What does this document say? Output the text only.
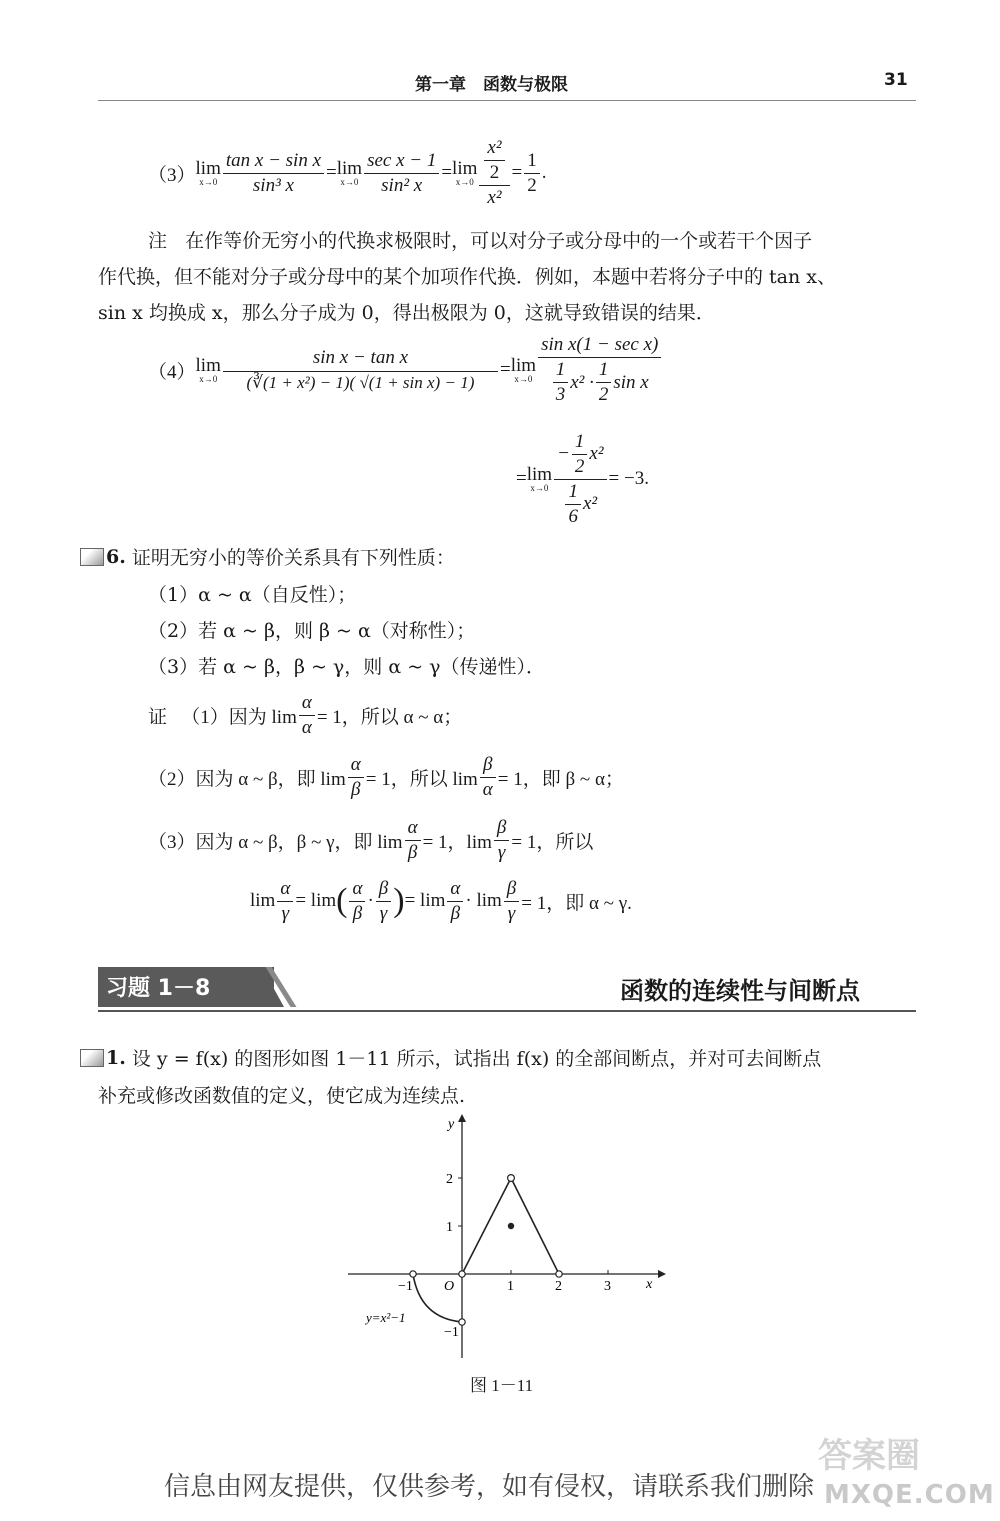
第一章　函数与极限	31
（3） lim
$x\to 0 \frac{\text{tan x − sin x}}{\text{sin³ x}} = \lim$
$x\to 0 \frac{\text{sec x − 1}}{\text{sin² x}} = \lim$
$x\to 0 \frac{\frac{\text{x²}}{2}}{\text{x²}} = \frac{1}{2}$ .
注 在作等价无穷小的代换求极限时，可以对分子或分母中的一个或若干个因子
作代换，但不能对分子或分母中的某个加项作代换．例如，本题中若将分子中的 tan x、
sin x 均换成 x，那么分子成为 0，得出极限为 0，这就导致错误的结果．
（4） lim
$x\to 0 \frac{\text{sin x − tan x}}{\text{(∛(1 + x²) − 1)( √(1 + sin x) − 1)}} = \lim$
$x\to 0 \frac{\text{sin x(1 − sec x)}}{\frac{1}{3} x^2 \cdot \frac{1}{2} \sin x}$
= lim
$x\to 0 \frac{- \frac{1}{2} x^2}{\frac{1}{6} x^2} = -3$.
6.
证明无穷小的等价关系具有下列性质：
（1）α ~ α（自反性）；
（2）若 α ~ β，则 β ~ α（对称性）；
（3）若 α ~ β，β ~ γ，则 α ~ γ（传递性）．
证
（1）因为 $\lim \frac{\alpha}{\alpha} = 1$，所以 α ~ α；
（2）因为 α ~ β，即 $\lim \frac{\alpha}{\beta} = 1$，所以 $\lim \frac{\beta}{\alpha} = 1$，即 β ~ α；
（3）因为 α ~ β，β ~ γ，即 $\lim \frac{\alpha}{\beta} = 1$，$\lim \frac{\beta}{\gamma} = 1$，所以
$\lim \frac{\alpha}{\gamma} = \lim$ ( $\frac{\alpha}{\beta} \cdot \frac{\beta}{\gamma}$ ) = $\lim \frac{\alpha}{\beta} \cdot \lim \frac{\beta}{\gamma} = 1$，即 α ~ γ.
习题 1－8	函数的连续性与间断点
1.
设 y = f(x) 的图形如图 1－11 所示，试指出 f(x) 的全部间断点，并对可去间断点
补充或修改函数值的定义，使它成为连续点.
y
x
O
−1	1	2	3
2
1
−1
y=x²−1
图 1－11
信息由网友提供，仅供参考，如有侵权，请联系我们删除
答案圈
MXQE.COM
